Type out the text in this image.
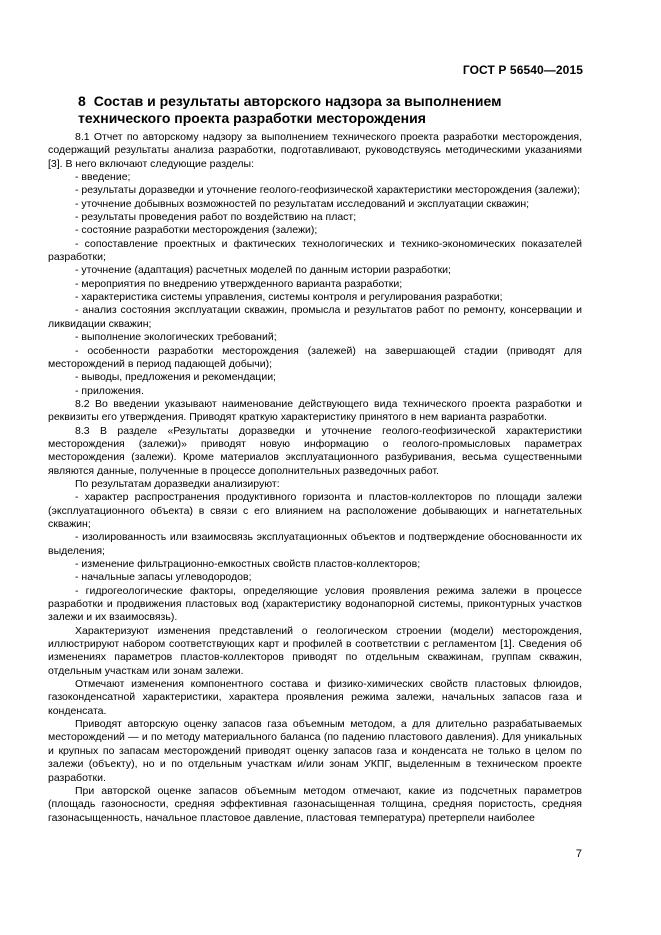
ГОСТ Р 56540—2015
8 Состав и результаты авторского надзора за выполнением
технического проекта разработки месторождения

8.1 Отчет по авторскому надзору за выполнением технического проекта разработки месторождения, содержащий результаты анализа разработки, подготавливают, руководствуясь методическими указаниями [3]. В него включают следующие разделы:

- введение;

- результаты доразведки и уточнение геолого-геофизической характеристики месторождения (залежи);

- уточнение добывных возможностей по результатам исследований и эксплуатации скважин;

- результаты проведения работ по воздействию на пласт;

- состояние разработки месторождения (залежи);

- сопоставление проектных и фактических технологических и технико-экономических показателей разработки;

- уточнение (адаптация) расчетных моделей по данным истории разработки;

- мероприятия по внедрению утвержденного варианта разработки;

- характеристика системы управления, системы контроля и регулирования разработки;

- анализ состояния эксплуатации скважин, промысла и результатов работ по ремонту, консервации и ликвидации скважин;

- выполнение экологических требований;

- особенности разработки месторождения (залежей) на завершающей стадии (приводят для месторождений в период падающей добычи);

- выводы, предложения и рекомендации;

- приложения.

8.2 Во введении указывают наименование действующего вида технического проекта разработки и реквизиты его утверждения. Приводят краткую характеристику принятого в нем варианта разработки.

8.3 В разделе «Результаты доразведки и уточнение геолого-геофизической характеристики месторождения (залежи)» приводят новую информацию о геолого-промысловых параметрах месторождения (залежи). Кроме материалов эксплуатационного разбуривания, весьма существенными являются данные, полученные в процессе дополнительных разведочных работ.

По результатам доразведки анализируют:

- характер распространения продуктивного горизонта и пластов-коллекторов по площади залежи (эксплуатационного объекта) в связи с его влиянием на расположение добывающих и нагнетательных скважин;

- изолированность или взаимосвязь эксплуатационных объектов и подтверждение обоснованности их выделения;

- изменение фильтрационно-емкостных свойств пластов-коллекторов;

- начальные запасы углеводородов;

- гидрогеологические факторы, определяющие условия проявления режима залежи в процессе разработки и продвижения пластовых вод (характеристику водонапорной системы, приконтурных участков залежи и их взаимосвязь).

Характеризуют изменения представлений о геологическом строении (модели) месторождения, иллюстрируют набором соответствующих карт и профилей в соответствии с регламентом [1]. Сведения об изменениях параметров пластов-коллекторов приводят по отдельным скважинам, группам скважин, отдельным участкам или зонам залежи.

Отмечают изменения компонентного состава и физико-химических свойств пластовых флюидов, газоконденсатной характеристики, характера проявления режима залежи, начальных запасов газа и конденсата.

Приводят авторскую оценку запасов газа объемным методом, а для длительно разрабатываемых месторождений — и по методу материального баланса (по падению пластового давления). Для уникальных и крупных по запасам месторождений приводят оценку запасов газа и конденсата не только в целом по залежи (объекту), но и по отдельным участкам и/или зонам УКПГ, выделенным в техническом проекте разработки.

При авторской оценке запасов объемным методом отмечают, какие из подсчетных параметров (площадь газоносности, средняя эффективная газонасыщенная толщина, средняя пористость, средняя газонасыщенность, начальное пластовое давление, пластовая температура) претерпели наиболее

7
